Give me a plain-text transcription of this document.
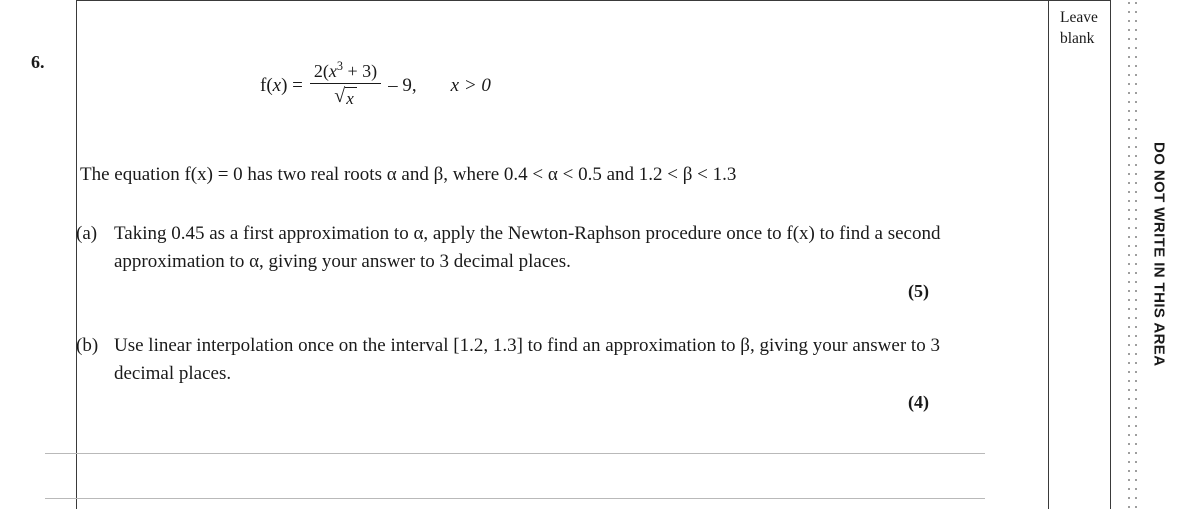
Leave
blank
DO NOT WRITE IN THIS AREA
6.
f( x ) = $\frac{2(x^3 + 3)}{√ x} - 9$, x > 0
The equation f(x) = 0 has two real roots α and β, where 0.4 < α < 0.5 and 1.2 < β < 1.3
(a) Taking 0.45 as a first approximation to α, apply the Newton-Raphson procedure once to f(x) to find a second approximation to α, giving your answer to 3 decimal places.
(5)
(b) Use linear interpolation once on the interval [1.2, 1.3] to find an approximation to β, giving your answer to 3 decimal places.
(4)
